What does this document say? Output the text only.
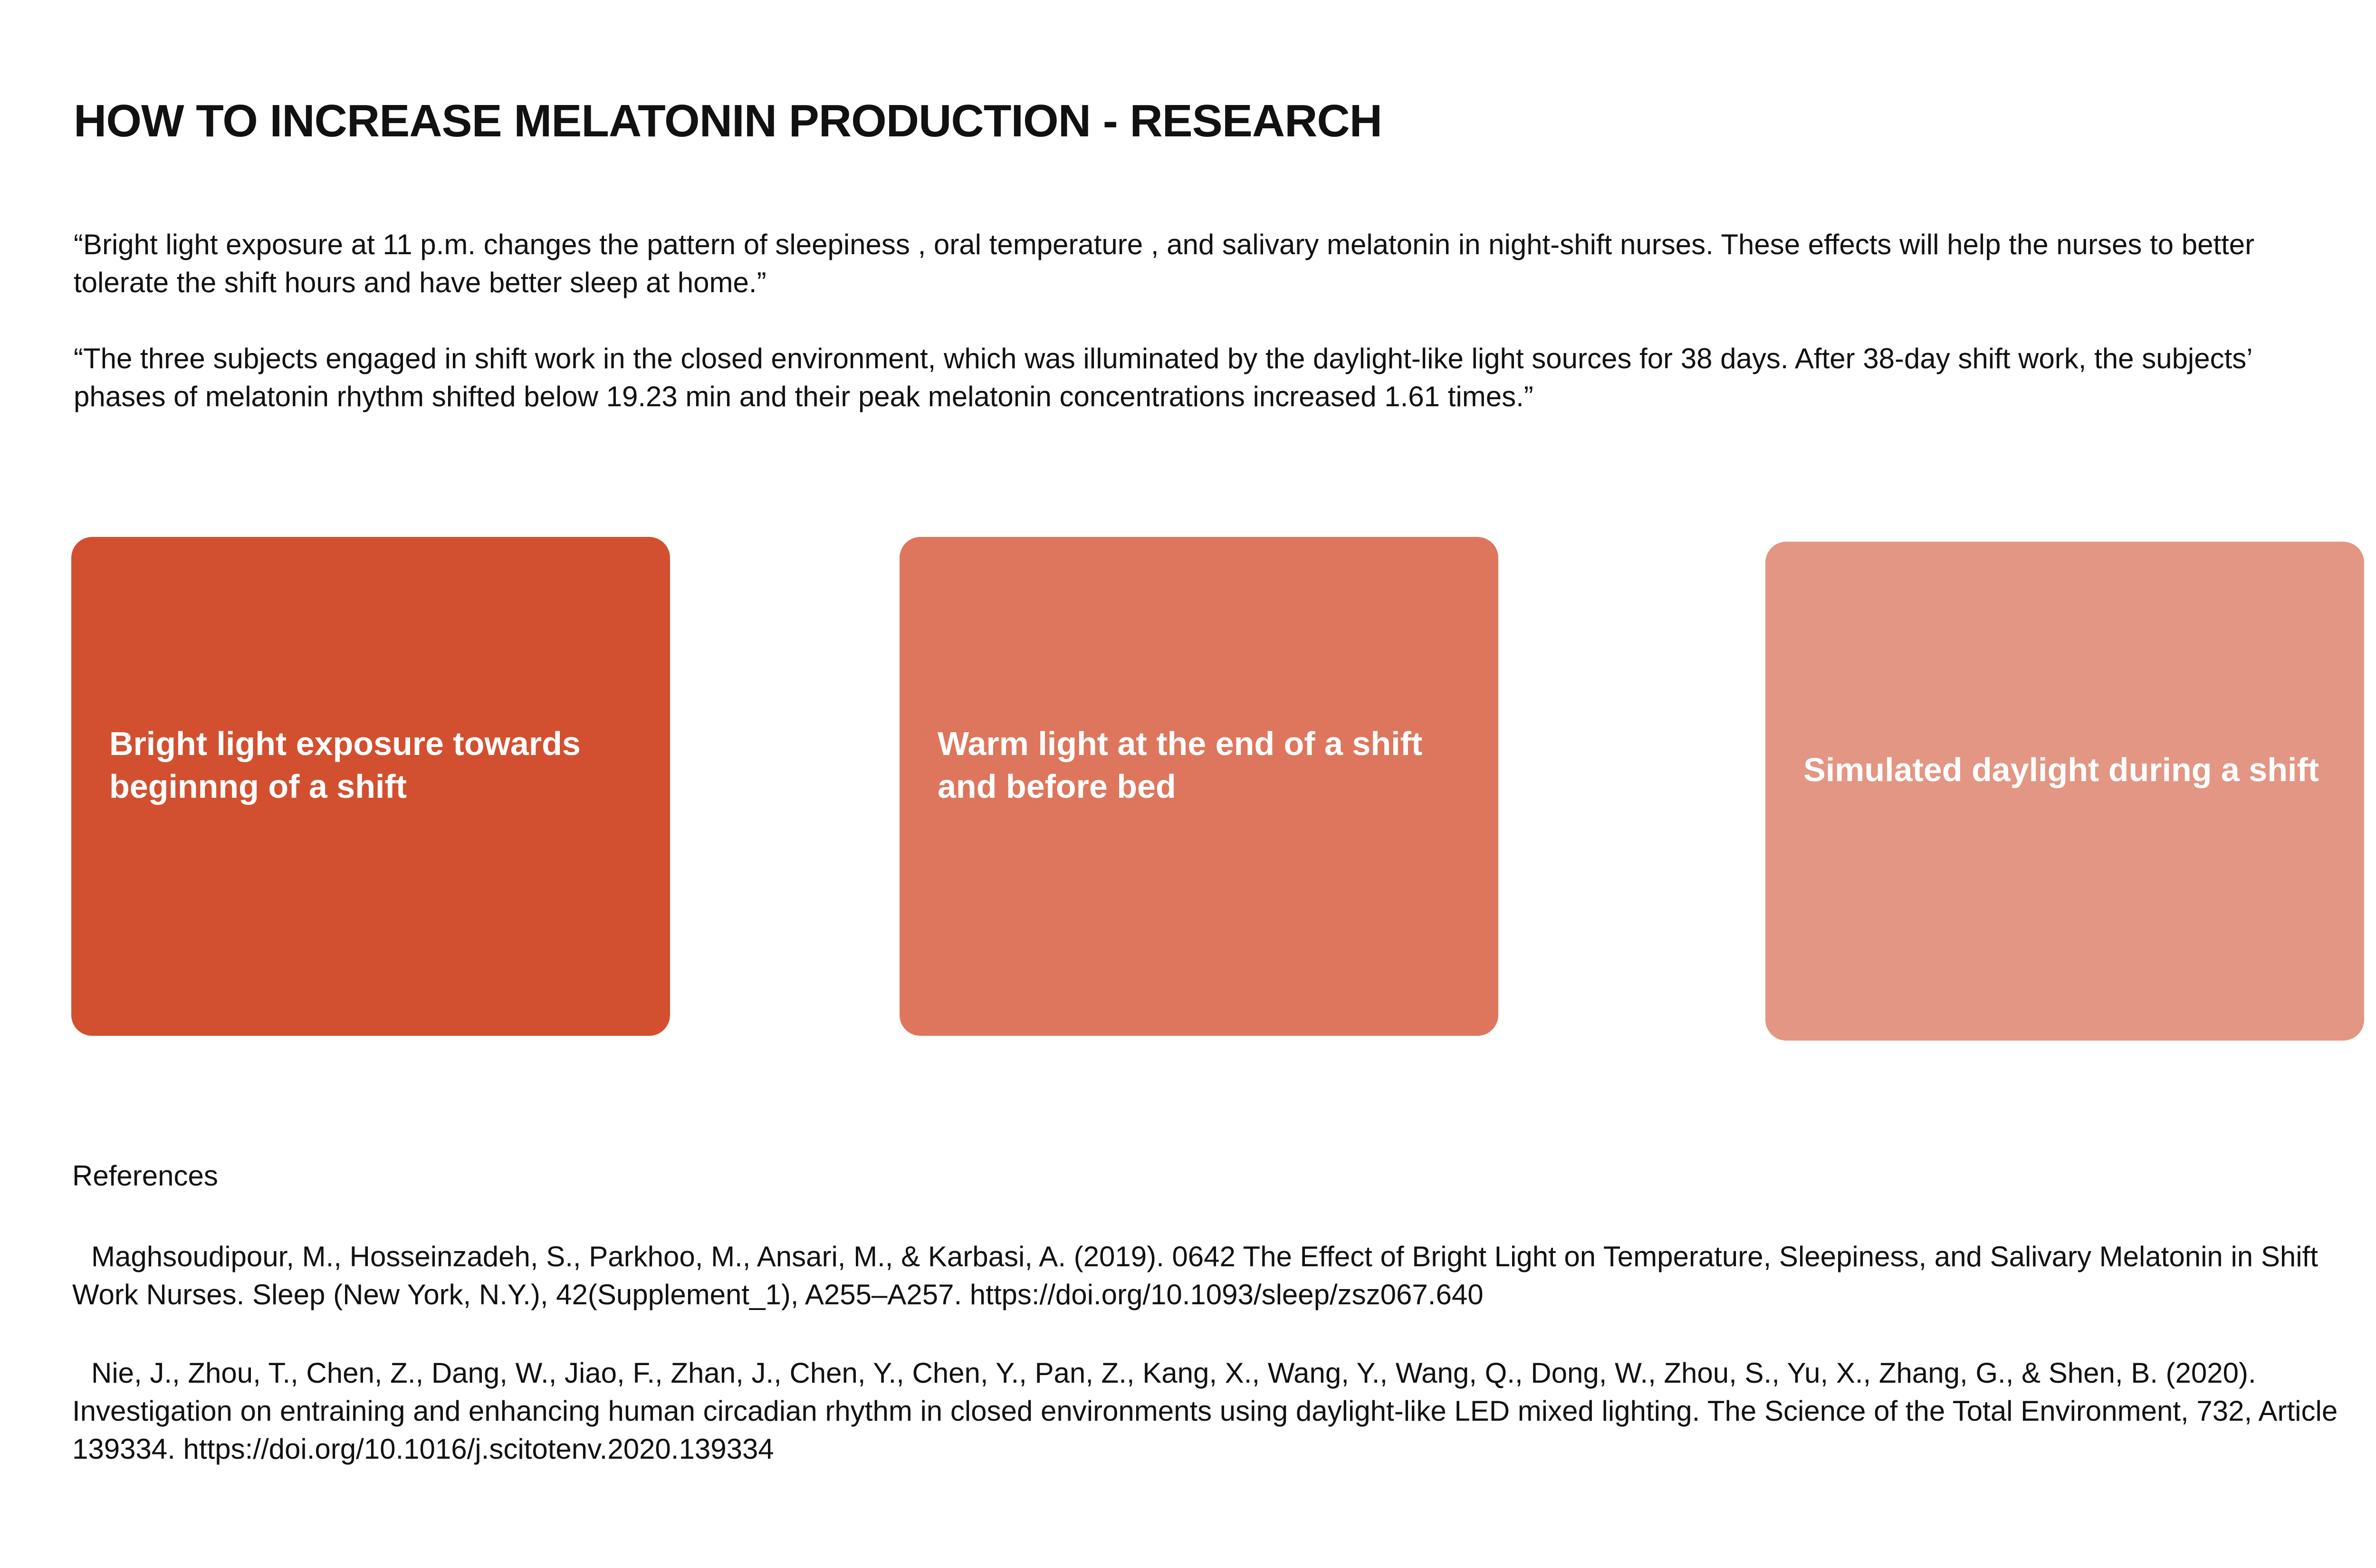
HOW TO INCREASE MELATONIN PRODUCTION - RESEARCH

“Bright light exposure at 11 p.m. changes the pattern of sleepiness , oral temperature , and salivary melatonin in night-shift nurses. These effects will help the nurses to better tolerate the shift hours and have better sleep at home.”

“The three subjects engaged in shift work in the closed environment, which was illuminated by the daylight-like light sources for 38 days. After 38-day shift work, the subjects’ phases of melatonin rhythm shifted below 19.23 min and their peak melatonin concentrations increased 1.61 times.”

Bright light exposure towards beginnng of a shift
Warm light at the end of a shift and before bed	Simulated daylight during a shift
References

Maghsoudipour, M., Hosseinzadeh, S., Parkhoo, M., Ansari, M., & Karbasi, A. (2019). 0642 The Effect of Bright Light on Temperature, Sleepiness, and Salivary Melatonin in Shift Work Nurses. Sleep (New York, N.Y.), 42(Supplement_1), A255–A257. https://doi.org/10.1093/sleep/zsz067.640

Nie, J., Zhou, T., Chen, Z., Dang, W., Jiao, F., Zhan, J., Chen, Y., Chen, Y., Pan, Z., Kang, X., Wang, Y., Wang, Q., Dong, W., Zhou, S., Yu, X., Zhang, G., & Shen, B. (2020). Investigation on entraining and enhancing human circadian rhythm in closed environments using daylight-like LED mixed lighting. The Science of the Total Environment, 732, Article 139334. https://doi.org/10.1016/j.scitotenv.2020.139334
